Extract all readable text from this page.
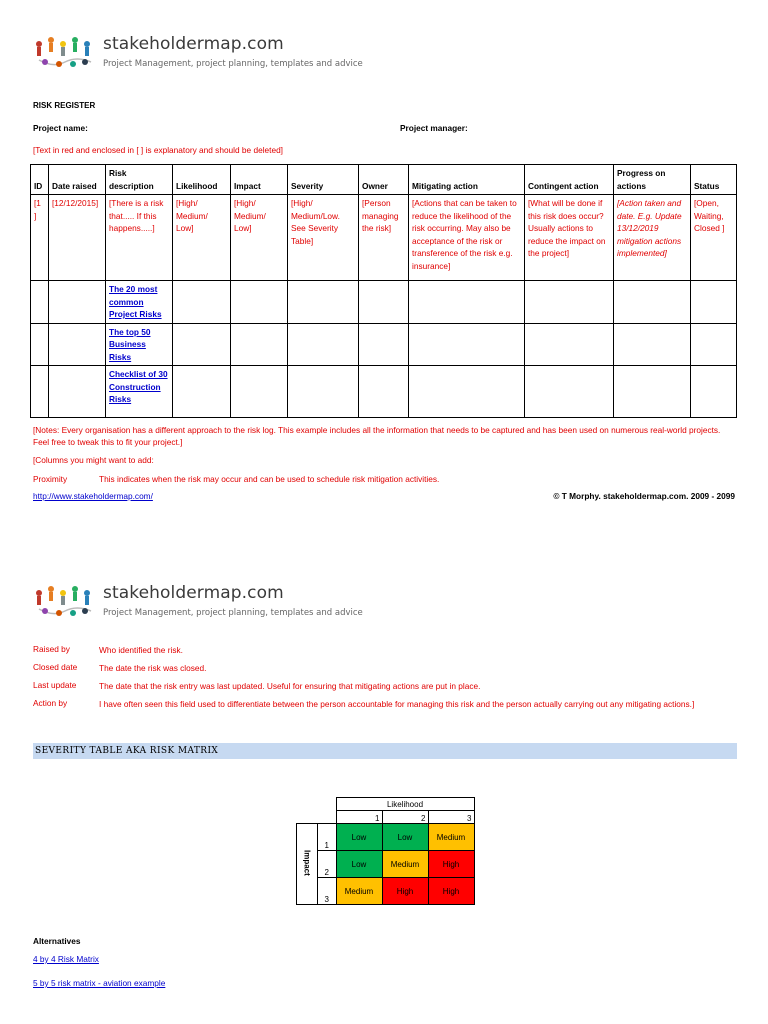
stakeholdermap.com
Project Management, project planning, templates and advice
RISK REGISTER
Project name:	Project manager:
[Text in red and enclosed in [ ] is explanatory and should be deleted]
ID	Date raised	Risk description	Likelihood	Impact	Severity	Owner	Mitigating action	Contingent action	Progress on actions	Status
[1 ]	[12/12/2015]	[There is a risk that..... If this happens.....]	[High/ Medium/ Low]	[High/ Medium/ Low]	[High/ Medium/Low. See Severity Table]	[Person managing the risk]	[Actions that can be taken to reduce the likelihood of the risk occurring. May also be acceptance of the risk or transference of the risk e.g. insurance]	[What will be done if this risk does occur? Usually actions to reduce the impact on the project]	[Action taken and date. E.g. Update 13/12/2019 mitigation actions implemented]	[Open, Waiting, Closed ]
		The 20 most common Project Risks								
		The top 50 Business Risks								
		Checklist of 30 Construction Risks								
[Notes: Every organisation has a different approach to the risk log. This example includes all the information that needs to be captured and has been used on numerous real-world projects. Feel free to tweak this to fit your project.]
[Columns you might want to add:
Proximity	This indicates when the risk may occur and can be used to schedule risk mitigation activities.
http://www.stakeholdermap.com/	© T Morphy. stakeholdermap.com. 2009 - 2099
stakeholdermap.com
Project Management, project planning, templates and advice
Raised by	Who identified the risk.
Closed date	The date the risk was closed.
Last update	The date that the risk entry was last updated. Useful for ensuring that mitigating actions are put in place.
Action by	I have often seen this field used to differentiate between the person accountable for managing this risk and the person actually carrying out any mitigating actions.]
SEVERITY TABLE AKA RISK MATRIX
		Likelihood		
		1	2	3
Impact	1	Low	Low	Medium
	2	Low	Medium	High
	3	Medium	High	High
Alternatives
4 by 4 Risk Matrix
5 by 5 risk matrix - aviation example
